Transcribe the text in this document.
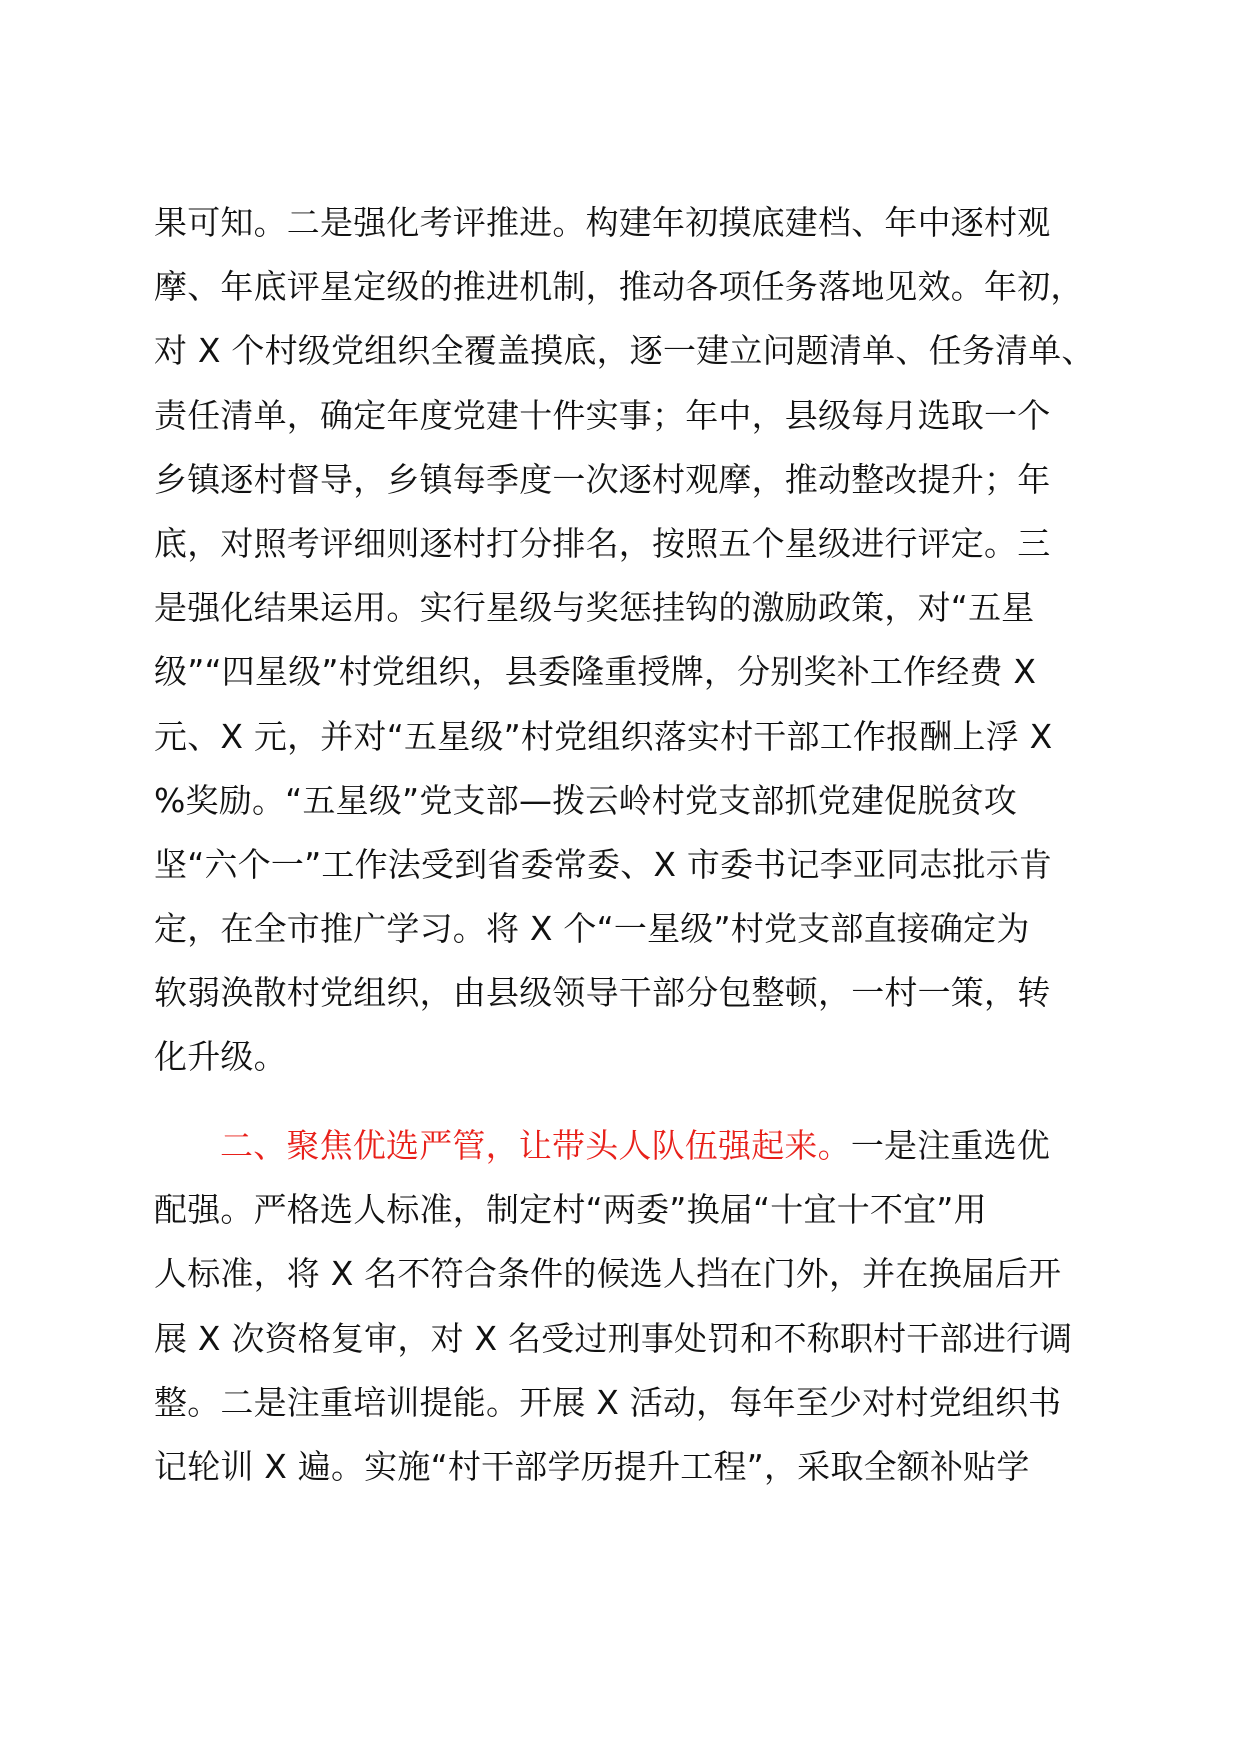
果可知。二是强化考评推进。构建年初摸底建档、年中逐村观
摩、年底评星定级的推进机制，推动各项任务落地见效。年初，
对 X 个村级党组织全覆盖摸底，逐一建立问题清单、任务清单、
责任清单，确定年度党建十件实事；年中，县级每月选取一个
乡镇逐村督导，乡镇每季度一次逐村观摩，推动整改提升；年
底，对照考评细则逐村打分排名，按照五个星级进行评定。三
是强化结果运用。实行星级与奖惩挂钩的激励政策，对“五星
级”“四星级”村党组织，县委隆重授牌，分别奖补工作经费 X
元、X 元，并对“五星级”村党组织落实村干部工作报酬上浮 X
%奖励。“五星级”党支部—拨云岭村党支部抓党建促脱贫攻
坚“六个一”工作法受到省委常委、X 市委书记李亚同志批示肯
定，在全市推广学习。将 X 个“一星级”村党支部直接确定为
软弱涣散村党组织，由县级领导干部分包整顿，一村一策，转
化升级。
二、聚焦优选严管，让带头人队伍强起来。一是注重选优
配强。严格选人标准，制定村“两委”换届“十宜十不宜”用
人标准，将 X 名不符合条件的候选人挡在门外，并在换届后开
展 X 次资格复审，对 X 名受过刑事处罚和不称职村干部进行调
整。二是注重培训提能。开展 X 活动，每年至少对村党组织书
记轮训 X 遍。实施“村干部学历提升工程”，采取全额补贴学
